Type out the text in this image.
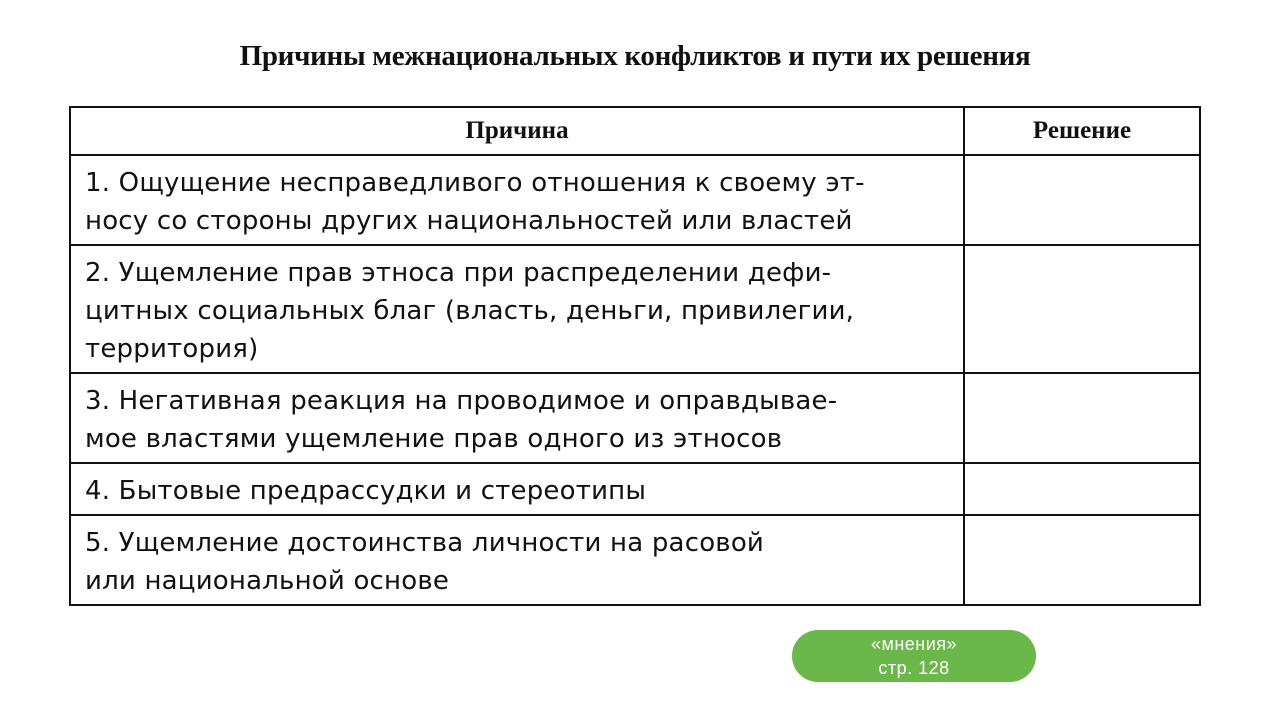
Причины межнациональных конфликтов и пути их решения
Причина	Решение
1. Ощущение несправедливого отношения к своему эт-
носу со стороны других национальностей или властей	
2. Ущемление прав этноса при распределении дефи-
цитных социальных благ (власть, деньги, привилегии,
территория)	
3. Негативная реакция на проводимое и оправдывае-
мое властями ущемление прав одного из этносов	
4. Бытовые предрассудки и стереотипы	
5. Ущемление достоинства личности на расовой
или национальной основе	
«мнения»
стр. 128
